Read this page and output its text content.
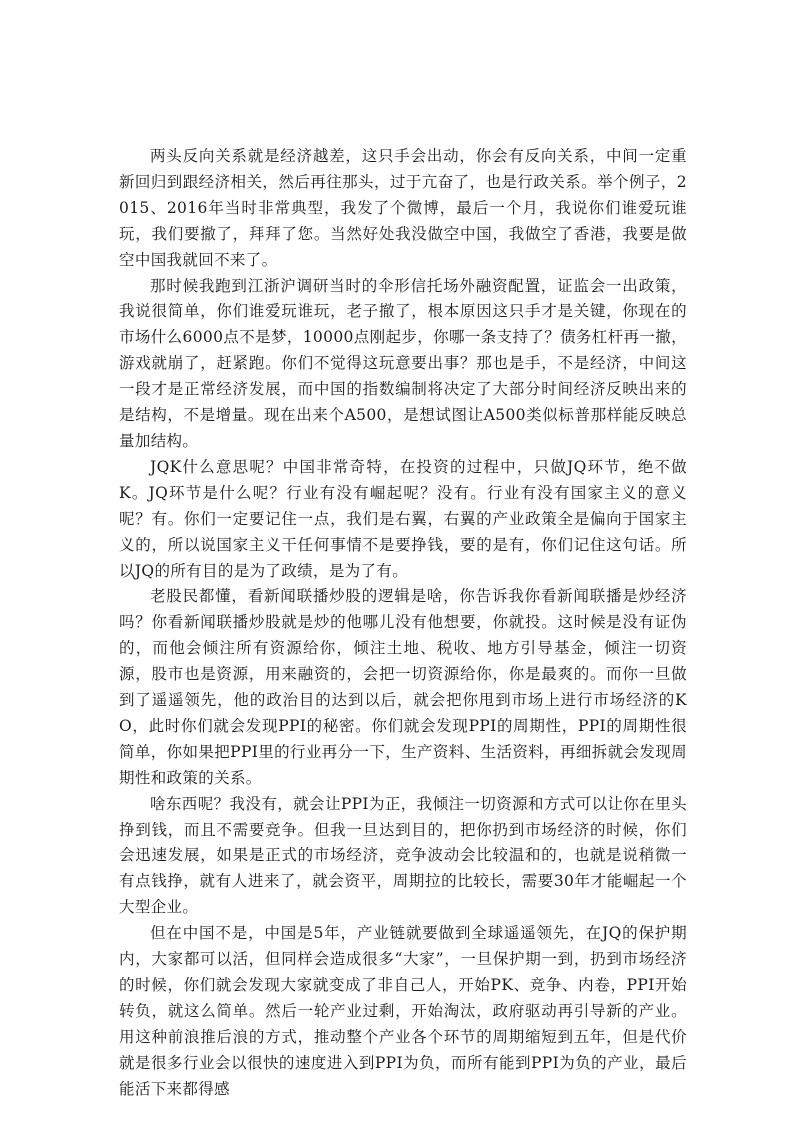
两头反向关系就是经济越差，这只手会出动，你会有反向关系，中间一定重新回归到跟经济相关，然后再往那头，过于亢奋了，也是行政关系。举个例子，2015、2016年当时非常典型，我发了个微博，最后一个月，我说你们谁爱玩谁玩，我们要撤了，拜拜了您。当然好处我没做空中国，我做空了香港，我要是做空中国我就回不来了。

那时候我跑到江浙沪调研当时的伞形信托场外融资配置，证监会一出政策，我说很简单，你们谁爱玩谁玩，老子撤了，根本原因这只手才是关键，你现在的市场什么6000点不是梦，10000点刚起步，你哪一条支持了？债务杠杆再一撤，游戏就崩了，赶紧跑。你们不觉得这玩意要出事？那也是手，不是经济，中间这一段才是正常经济发展，而中国的指数编制将决定了大部分时间经济反映出来的是结构，不是增量。现在出来个A500，是想试图让A500类似标普那样能反映总量加结构。

JQK什么意思呢？中国非常奇特，在投资的过程中，只做JQ环节，绝不做K。JQ环节是什么呢？行业有没有崛起呢？没有。行业有没有国家主义的意义呢？有。你们一定要记住一点，我们是右翼，右翼的产业政策全是偏向于国家主义的，所以说国家主义干任何事情不是要挣钱，要的是有，你们记住这句话。所以JQ的所有目的是为了政绩，是为了有。

老股民都懂，看新闻联播炒股的逻辑是啥，你告诉我你看新闻联播是炒经济吗？你看新闻联播炒股就是炒的他哪儿没有他想要，你就投。这时候是没有证伪的，而他会倾注所有资源给你，倾注土地、税收、地方引导基金，倾注一切资源，股市也是资源，用来融资的，会把一切资源给你，你是最爽的。而你一旦做到了遥遥领先，他的政治目的达到以后，就会把你甩到市场上进行市场经济的KO，此时你们就会发现PPI的秘密。你们就会发现PPI的周期性，PPI的周期性很简单，你如果把PPI里的行业再分一下，生产资料、生活资料，再细拆就会发现周期性和政策的关系。

啥东西呢？我没有，就会让PPI为正，我倾注一切资源和方式可以让你在里头挣到钱，而且不需要竞争。但我一旦达到目的，把你扔到市场经济的时候，你们会迅速发展，如果是正式的市场经济，竞争波动会比较温和的，也就是说稍微一有点钱挣，就有人进来了，就会资平，周期拉的比较长，需要30年才能崛起一个大型企业。

但在中国不是，中国是5年，产业链就要做到全球遥遥领先，在JQ的保护期内，大家都可以活，但同样会造成很多“大家”，一旦保护期一到，扔到市场经济的时候，你们就会发现大家就变成了非自己人，开始PK、竞争、内卷，PPI开始转负，就这么简单。然后一轮产业过剩，开始淘汰，政府驱动再引导新的产业。用这种前浪推后浪的方式，推动整个产业各个环节的周期缩短到五年，但是代价就是很多行业会以很快的速度进入到PPI为负，而所有能到PPI为负的产业，最后能活下来都得感
